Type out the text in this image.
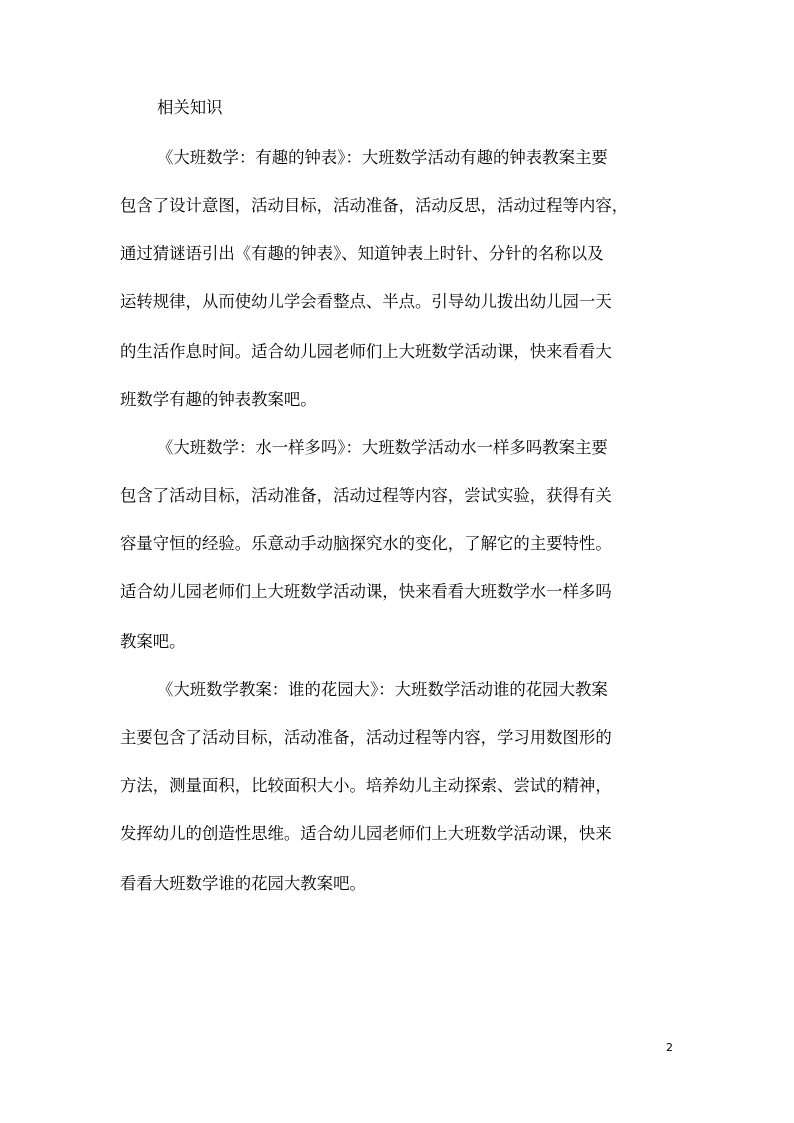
相关知识
《大班数学：有趣的钟表》：大班数学活动有趣的钟表教案主要
包含了设计意图，活动目标，活动准备，活动反思，活动过程等内容，
通过猜谜语引出《有趣的钟表》、知道钟表上时针、分针的名称以及
运转规律，从而使幼儿学会看整点、半点。引导幼儿拨出幼儿园一天
的生活作息时间。适合幼儿园老师们上大班数学活动课，快来看看大
班数学有趣的钟表教案吧。
《大班数学：水一样多吗》：大班数学活动水一样多吗教案主要
包含了活动目标，活动准备，活动过程等内容，尝试实验，获得有关
容量守恒的经验。乐意动手动脑探究水的变化，了解它的主要特性。
适合幼儿园老师们上大班数学活动课，快来看看大班数学水一样多吗
教案吧。
《大班数学教案：谁的花园大》：大班数学活动谁的花园大教案
主要包含了活动目标，活动准备，活动过程等内容，学习用数图形的
方法，测量面积，比较面积大小。培养幼儿主动探索、尝试的精神，
发挥幼儿的创造性思维。适合幼儿园老师们上大班数学活动课，快来
看看大班数学谁的花园大教案吧。
2
